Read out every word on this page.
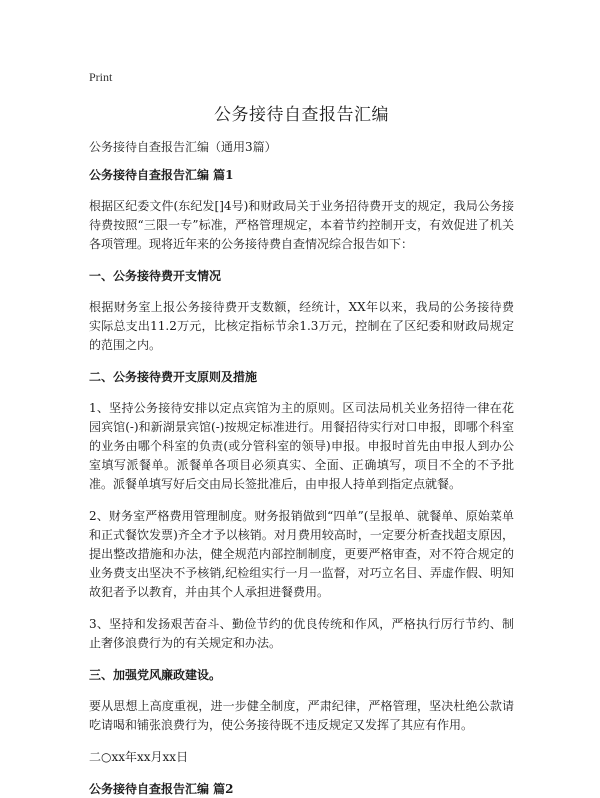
Print
公务接待自查报告汇编
公务接待自查报告汇编（通用3篇）
公务接待自查报告汇编 篇1
根据区纪委文件(东纪发[]4号)和财政局关于业务招待费开支的规定，我局公务接待费按照“三限一专”标准，严格管理规定，本着节约控制开支，有效促进了机关各项管理。现将近年来的公务接待费自查情况综合报告如下：
一、公务接待费开支情况
根据财务室上报公务接待费开支数额，经统计，XX年以来，我局的公务接待费实际总支出11.2万元，比核定指标节余1.3万元，控制在了区纪委和财政局规定的范围之内。
二、公务接待费开支原则及措施
1、坚持公务接待安排以定点宾馆为主的原则。区司法局机关业务招待一律在花园宾馆(-)和新湖景宾馆(-)按规定标准进行。用餐招待实行对口申报，即哪个科室的业务由哪个科室的负责(或分管科室的领导)申报。申报时首先由申报人到办公室填写派餐单。派餐单各项目必须真实、全面、正确填写，项目不全的不予批准。派餐单填写好后交由局长签批准后，由申报人持单到指定点就餐。
2、财务室严格费用管理制度。财务报销做到“四单”(呈报单、就餐单、原始菜单和正式餐饮发票)齐全才予以核销。对月费用较高时，一定要分析查找超支原因，提出整改措施和办法，健全规范内部控制制度，更要严格审查，对不符合规定的业务费支出坚决不予核销,纪检组实行一月一监督，对巧立名目、弄虚作假、明知故犯者予以教育，并由其个人承担进餐费用。
3、坚持和发扬艰苦奋斗、勤俭节约的优良传统和作风，严格执行厉行节约、制止奢侈浪费行为的有关规定和办法。
三、加强党风廉政建设。
要从思想上高度重视，进一步健全制度，严肃纪律，严格管理，坚决杜绝公款请吃请喝和铺张浪费行为，使公务接待既不违反规定又发挥了其应有作用。
二○xx年xx月xx日
公务接待自查报告汇编 篇2
